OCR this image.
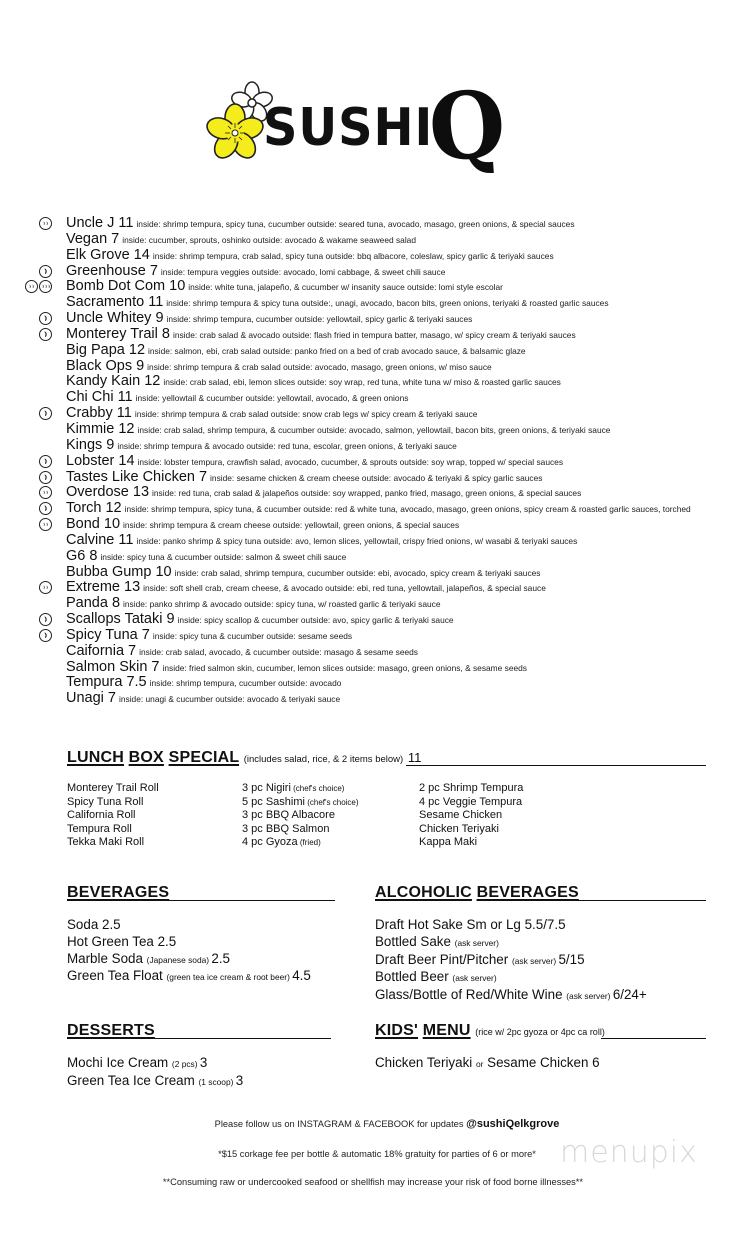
SUSHI
Q
Uncle J 11 inside: shrimp tempura, spicy tuna, cucumber outside: seared tuna, avocado, masago, green onions, & special sauces
Vegan 7 inside: cucumber, sprouts, oshinko outside: avocado & wakame seaweed salad
Elk Grove 14 inside: shrimp tempura, crab salad, spicy tuna outside: bbq albacore, coleslaw, spicy garlic & teriyaki sauces
Greenhouse 7 inside: tempura veggies outside: avocado, lomi cabbage, & sweet chili sauce
Bomb Dot Com 10 inside: white tuna, jalapeño, & cucumber w/ insanity sauce outside: lomi style escolar
Sacramento 11 inside: shrimp tempura & spicy tuna outside:, unagi, avocado, bacon bits, green onions, teriyaki & roasted garlic sauces
Uncle Whitey 9 inside: shrimp tempura, cucumber outside: yellowtail, spicy garlic & teriyaki sauces
Monterey Trail 8 inside: crab salad & avocado outside: flash fried in tempura batter, masago, w/ spicy cream & teriyaki sauces
Big Papa 12 inside: salmon, ebi, crab salad outside: panko fried on a bed of crab avocado sauce, & balsamic glaze
Black Ops 9 inside: shrimp tempura & crab salad outside: avocado, masago, green onions, w/ miso sauce
Kandy Kain 12 inside: crab salad, ebi, lemon slices outside: soy wrap, red tuna, white tuna w/ miso & roasted garlic sauces
Chi Chi 11 inside: yellowtail & cucumber outside: yellowtail, avocado, & green onions
Crabby 11 inside: shrimp tempura & crab salad outside: snow crab legs w/ spicy cream & teriyaki sauce
Kimmie 12 inside: crab salad, shrimp tempura, & cucumber outside: avocado, salmon, yellowtail, bacon bits, green onions, & teriyaki sauce
Kings 9 inside: shrimp tempura & avocado outside: red tuna, escolar, green onions, & teriyaki sauce
Lobster 14 inside: lobster tempura, crawfish salad, avocado, cucumber, & sprouts outside: soy wrap, topped w/ special sauces
Tastes Like Chicken 7 inside: sesame chicken & cream cheese outside: avocado & teriyaki & spicy garlic sauces
Overdose 13 inside: red tuna, crab salad & jalapeños outside: soy wrapped, panko fried, masago, green onions, & special sauces
Torch 12 inside: shrimp tempura, spicy tuna, & cucumber outside: red & white tuna, avocado, masago, green onions, spicy cream & roasted garlic sauces, torched
Bond 10 inside: shrimp tempura & cream cheese outside: yellowtail, green onions, & special sauces
Calvine 11 inside: panko shrimp & spicy tuna outside: avo, lemon slices, yellowtail, crispy fried onions, w/ wasabi & teriyaki sauces
G6 8 inside: spicy tuna & cucumber outside: salmon & sweet chili sauce
Bubba Gump 10 inside: crab salad, shrimp tempura, cucumber outside: ebi, avocado, spicy cream & teriyaki sauces
Extreme 13 inside: soft shell crab, cream cheese, & avocado outside: ebi, red tuna, yellowtail, jalapeños, & special sauce
Panda 8 inside: panko shrimp & avocado outside: spicy tuna, w/ roasted garlic & teriyaki sauce
Scallops Tataki 9 inside: spicy scallop & cucumber outside: avo, spicy garlic & teriyaki sauce
Spicy Tuna 7 inside: spicy tuna & cucumber outside: sesame seeds
Caifornia 7 inside: crab salad, avocado, & cucumber outside: masago & sesame seeds
Salmon Skin 7 inside: fried salmon skin, cucumber, lemon slices outside: masago, green onions, & sesame seeds
Tempura 7.5 inside: shrimp tempura, cucumber outside: avocado
Unagi 7 inside: unagi & cucumber outside: avocado & teriyaki sauce
LUNCH BOX SPECIAL (includes salad, rice, & 2 items below) 11
Monterey Trail Roll
Spicy Tuna Roll
California Roll
Tempura Roll
Tekka Maki Roll
3 pc Nigiri (chef's choice)
5 pc Sashimi (chef's choice)
3 pc BBQ Albacore
3 pc BBQ Salmon
4 pc Gyoza (fried)
2 pc Shrimp Tempura
4 pc Veggie Tempura
Sesame Chicken
Chicken Teriyaki
Kappa Maki
BEVERAGES
Soda 2.5
Hot Green Tea 2.5
Marble Soda (Japanese soda) 2.5
Green Tea Float (green tea ice cream & root beer) 4.5
ALCOHOLIC BEVERAGES
Draft Hot Sake Sm or Lg 5.5/7.5
Bottled Sake (ask server)
Draft Beer Pint/Pitcher (ask server) 5/15
Bottled Beer (ask server)
Glass/Bottle of Red/White Wine (ask server) 6/24+
DESSERTS
Mochi Ice Cream (2 pcs) 3
Green Tea Ice Cream (1 scoop) 3
KIDS' MENU (rice w/ 2pc gyoza or 4pc ca roll)
Chicken Teriyaki or Sesame Chicken 6
Please follow us on INSTAGRAM & FACEBOOK for updates @sushiQelkgrove
*$15 corkage fee per bottle & automatic 18% gratuity for parties of 6 or more*
**Consuming raw or undercooked seafood or shellfish may increase your risk of food borne illnesses**
menupix
